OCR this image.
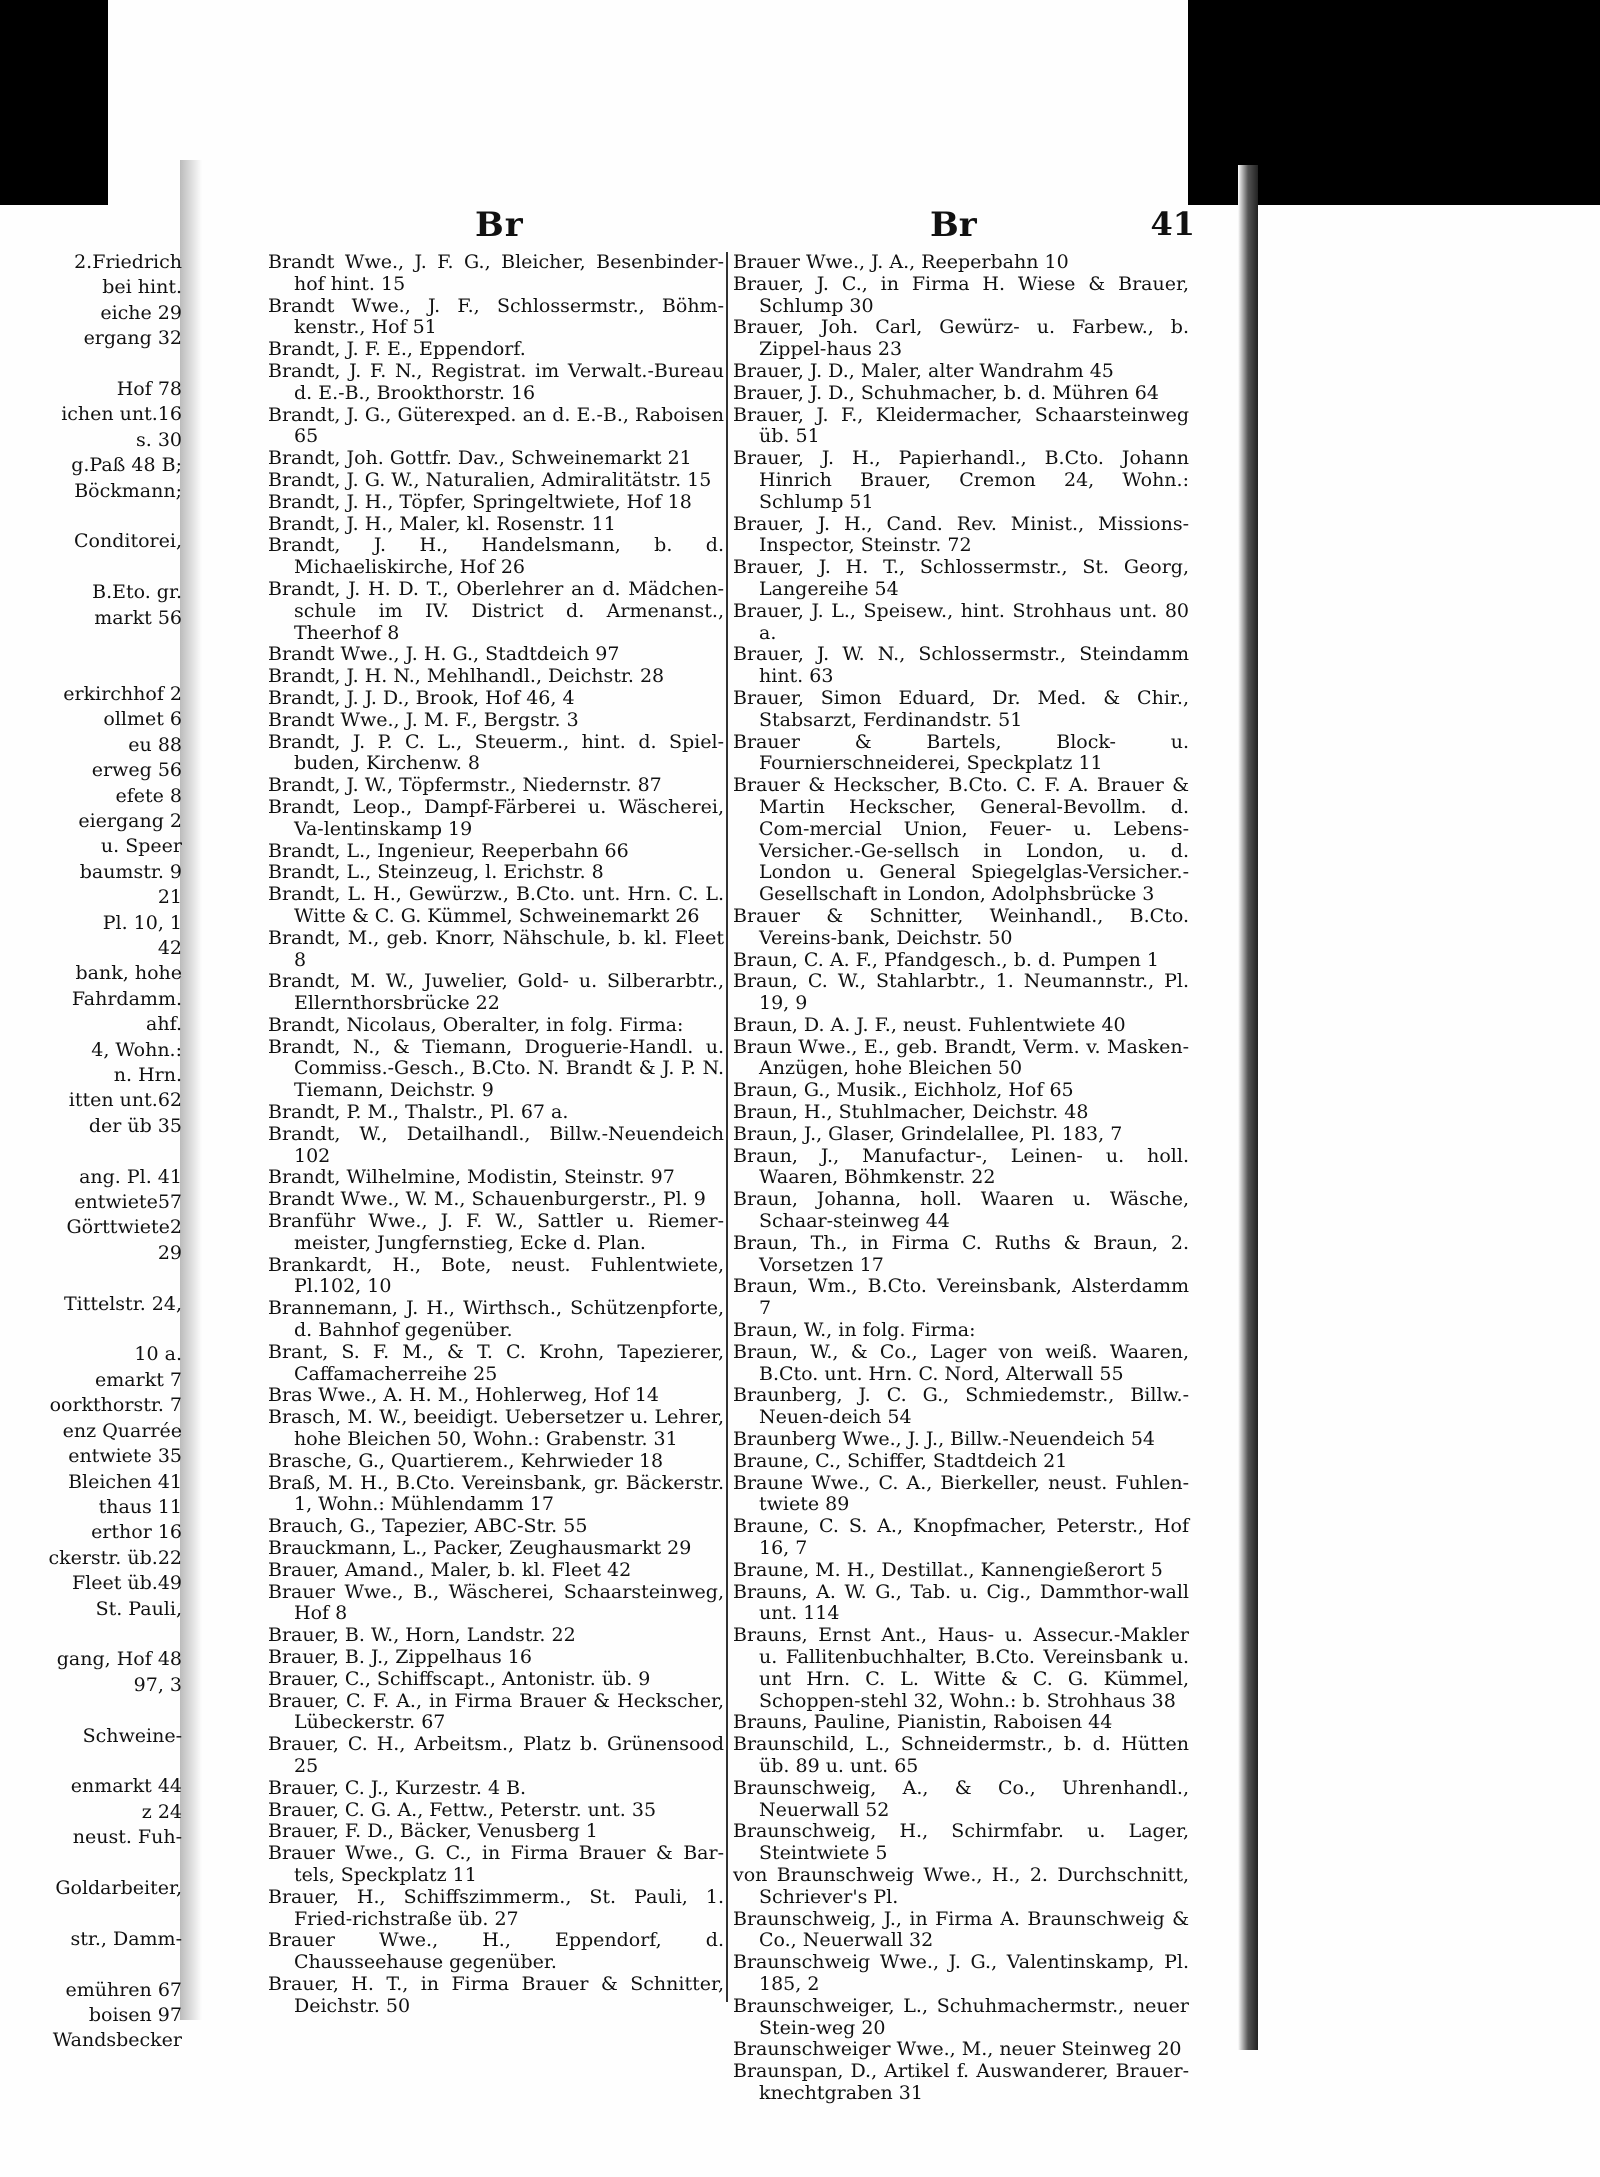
2.Friedrich
bei hint.
eiche 29
ergang 32

Hof 78
ichen unt.16
s. 30
g.Paß 48 B;
Böckmann;

Conditorei,

B.Eto. gr.
markt 56

erkirchhof 2
ollmet 6
eu 88
erweg 56
efete 8
eiergang 2
u. Speer
baumstr. 9
21
Pl. 10, 1
42
bank, hohe
Fahrdamm.
ahf.
4, Wohn.:
n. Hrn.
itten unt.62
der üb 35

ang. Pl. 41
entwiete57
Görttwiete2
29

Tittelstr. 24,

10 a.
emarkt 7
oorkthorstr. 7
enz Quarrée
entwiete 35
Bleichen 41
thaus 11
erthor 16
ckerstr. üb.22
Fleet üb.49
St. Pauli,

gang, Hof 48
97, 3

Schweine-

enmarkt 44
z 24
neust. Fuh-

Goldarbeiter,

str., Damm-

emühren 67
boisen 97
Wandsbecker
Br	Br	41
Brandt Wwe., J. F. G., Bleicher, Besenbinder-hof hint. 15
Brandt Wwe., J. F., Schlossermstr., Böhm-kenstr., Hof 51
Brandt, J. F. E., Eppendorf.
Brandt, J. F. N., Registrat. im Verwalt.-Bureau d. E.-B., Brookthorstr. 16
Brandt, J. G., Güterexped. an d. E.-B., Raboisen 65
Brandt, Joh. Gottfr. Dav., Schweinemarkt 21
Brandt, J. G. W., Naturalien, Admiralitätstr. 15
Brandt, J. H., Töpfer, Springeltwiete, Hof 18
Brandt, J. H., Maler, kl. Rosenstr. 11
Brandt, J. H., Handelsmann, b. d. Michaeliskirche, Hof 26
Brandt, J. H. D. T., Oberlehrer an d. Mädchen-schule im IV. District d. Armenanst., Theerhof 8
Brandt Wwe., J. H. G., Stadtdeich 97
Brandt, J. H. N., Mehlhandl., Deichstr. 28
Brandt, J. J. D., Brook, Hof 46, 4
Brandt Wwe., J. M. F., Bergstr. 3
Brandt, J. P. C. L., Steuerm., hint. d. Spiel-buden, Kirchenw. 8
Brandt, J. W., Töpfermstr., Niedernstr. 87
Brandt, Leop., Dampf-Färberei u. Wäscherei, Va-lentinskamp 19
Brandt, L., Ingenieur, Reeperbahn 66
Brandt, L., Steinzeug, l. Erichstr. 8
Brandt, L. H., Gewürzw., B.Cto. unt. Hrn. C. L. Witte & C. G. Kümmel, Schweinemarkt 26
Brandt, M., geb. Knorr, Nähschule, b. kl. Fleet 8
Brandt, M. W., Juwelier, Gold- u. Silberarbtr., Ellernthorsbrücke 22
Brandt, Nicolaus, Oberalter, in folg. Firma:
Brandt, N., & Tiemann, Droguerie-Handl. u. Commiss.-Gesch., B.Cto. N. Brandt & J. P. N. Tiemann, Deichstr. 9
Brandt, P. M., Thalstr., Pl. 67 a.
Brandt, W., Detailhandl., Billw.-Neuendeich 102
Brandt, Wilhelmine, Modistin, Steinstr. 97
Brandt Wwe., W. M., Schauenburgerstr., Pl. 9
Branführ Wwe., J. F. W., Sattler u. Riemer-meister, Jungfernstieg, Ecke d. Plan.
Brankardt, H., Bote, neust. Fuhlentwiete, Pl.102, 10
Brannemann, J. H., Wirthsch., Schützenpforte, d. Bahnhof gegenüber.
Brant, S. F. M., & T. C. Krohn, Tapezierer, Caffamacherreihe 25
Bras Wwe., A. H. M., Hohlerweg, Hof 14
Brasch, M. W., beeidigt. Uebersetzer u. Lehrer, hohe Bleichen 50, Wohn.: Grabenstr. 31
Brasche, G., Quartierem., Kehrwieder 18
Braß, M. H., B.Cto. Vereinsbank, gr. Bäckerstr. 1, Wohn.: Mühlendamm 17
Brauch, G., Tapezier, ABC-Str. 55
Brauckmann, L., Packer, Zeughausmarkt 29
Brauer, Amand., Maler, b. kl. Fleet 42
Brauer Wwe., B., Wäscherei, Schaarsteinweg, Hof 8
Brauer, B. W., Horn, Landstr. 22
Brauer, B. J., Zippelhaus 16
Brauer, C., Schiffscapt., Antonistr. üb. 9
Brauer, C. F. A., in Firma Brauer & Heckscher, Lübeckerstr. 67
Brauer, C. H., Arbeitsm., Platz b. Grünensood 25
Brauer, C. J., Kurzestr. 4 B.
Brauer, C. G. A., Fettw., Peterstr. unt. 35
Brauer, F. D., Bäcker, Venusberg 1
Brauer Wwe., G. C., in Firma Brauer & Bar-tels, Speckplatz 11
Brauer, H., Schiffszimmerm., St. Pauli, 1. Fried-richstraße üb. 27
Brauer Wwe., H., Eppendorf, d. Chausseehause gegenüber.
Brauer, H. T., in Firma Brauer & Schnitter, Deichstr. 50
Brauer Wwe., J. A., Reeperbahn 10
Brauer, J. C., in Firma H. Wiese & Brauer, Schlump 30
Brauer, Joh. Carl, Gewürz- u. Farbew., b. Zippel-haus 23
Brauer, J. D., Maler, alter Wandrahm 45
Brauer, J. D., Schuhmacher, b. d. Mühren 64
Brauer, J. F., Kleidermacher, Schaarsteinweg üb. 51
Brauer, J. H., Papierhandl., B.Cto. Johann Hinrich Brauer, Cremon 24, Wohn.: Schlump 51
Brauer, J. H., Cand. Rev. Minist., Missions-Inspector, Steinstr. 72
Brauer, J. H. T., Schlossermstr., St. Georg, Langereihe 54
Brauer, J. L., Speisew., hint. Strohhaus unt. 80 a.
Brauer, J. W. N., Schlossermstr., Steindamm hint. 63
Brauer, Simon Eduard, Dr. Med. & Chir., Stabsarzt, Ferdinandstr. 51
Brauer & Bartels, Block- u. Fournierschneiderei, Speckplatz 11
Brauer & Heckscher, B.Cto. C. F. A. Brauer & Martin Heckscher, General-Bevollm. d. Com-mercial Union, Feuer- u. Lebens-Versicher.-Ge-sellsch in London, u. d. London u. General Spiegelglas-Versicher.-Gesellschaft in London, Adolphsbrücke 3
Brauer & Schnitter, Weinhandl., B.Cto. Vereins-bank, Deichstr. 50
Braun, C. A. F., Pfandgesch., b. d. Pumpen 1
Braun, C. W., Stahlarbtr., 1. Neumannstr., Pl. 19, 9
Braun, D. A. J. F., neust. Fuhlentwiete 40
Braun Wwe., E., geb. Brandt, Verm. v. Masken-Anzügen, hohe Bleichen 50
Braun, G., Musik., Eichholz, Hof 65
Braun, H., Stuhlmacher, Deichstr. 48
Braun, J., Glaser, Grindelallee, Pl. 183, 7
Braun, J., Manufactur-, Leinen- u. holl. Waaren, Böhmkenstr. 22
Braun, Johanna, holl. Waaren u. Wäsche, Schaar-steinweg 44
Braun, Th., in Firma C. Ruths & Braun, 2. Vorsetzen 17
Braun, Wm., B.Cto. Vereinsbank, Alsterdamm 7
Braun, W., in folg. Firma:
Braun, W., & Co., Lager von weiß. Waaren, B.Cto. unt. Hrn. C. Nord, Alterwall 55
Braunberg, J. C. G., Schmiedemstr., Billw.-Neuen-deich 54
Braunberg Wwe., J. J., Billw.-Neuendeich 54
Braune, C., Schiffer, Stadtdeich 21
Braune Wwe., C. A., Bierkeller, neust. Fuhlen-twiete 89
Braune, C. S. A., Knopfmacher, Peterstr., Hof 16, 7
Braune, M. H., Destillat., Kannengießerort 5
Brauns, A. W. G., Tab. u. Cig., Dammthor-wall unt. 114
Brauns, Ernst Ant., Haus- u. Assecur.-Makler u. Fallitenbuchhalter, B.Cto. Vereinsbank u. unt Hrn. C. L. Witte & C. G. Kümmel, Schoppen-stehl 32, Wohn.: b. Strohhaus 38
Brauns, Pauline, Pianistin, Raboisen 44
Braunschild, L., Schneidermstr., b. d. Hütten üb. 89 u. unt. 65
Braunschweig, A., & Co., Uhrenhandl., Neuerwall 52
Braunschweig, H., Schirmfabr. u. Lager, Steintwiete 5
von Braunschweig Wwe., H., 2. Durchschnitt, Schriever's Pl.
Braunschweig, J., in Firma A. Braunschweig & Co., Neuerwall 32
Braunschweig Wwe., J. G., Valentinskamp, Pl. 185, 2
Braunschweiger, L., Schuhmachermstr., neuer Stein-weg 20
Braunschweiger Wwe., M., neuer Steinweg 20
Braunspan, D., Artikel f. Auswanderer, Brauer-knechtgraben 31
